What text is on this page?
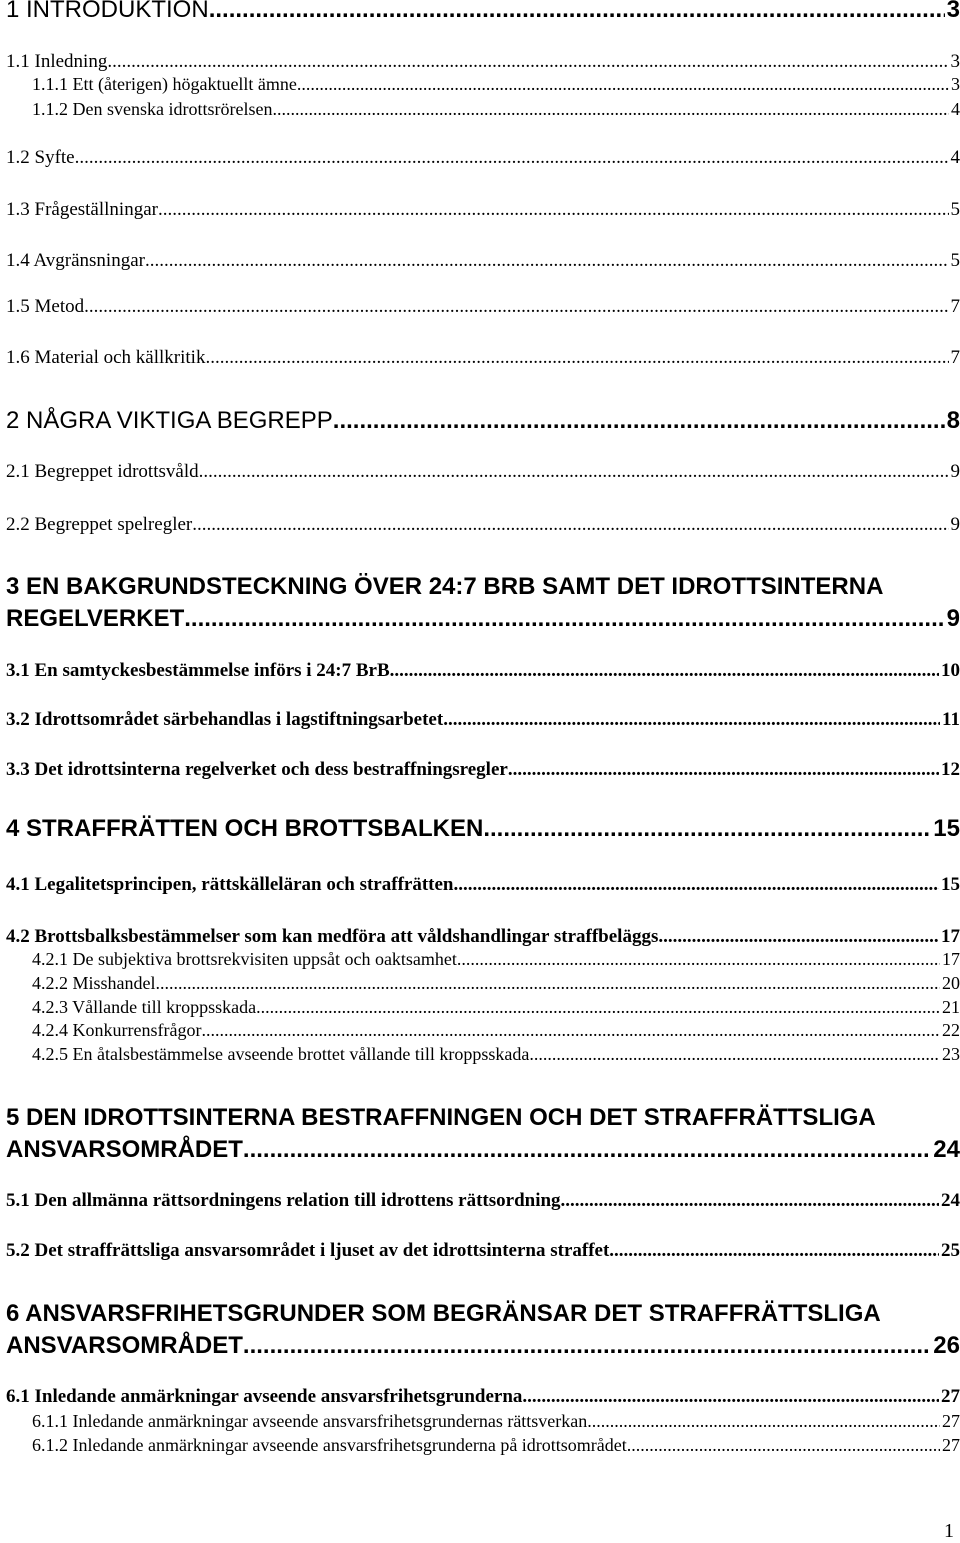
1 INTRODUKTION .....	3
1.1 Inledning .....	3
1.1.1 Ett (återigen) högaktuellt ämne .....	3
1.1.2 Den svenska idrottsrörelsen .....	4
1.2 Syfte .....	4
1.3 Frågeställningar .....	5
1.4 Avgränsningar .....	5
1.5 Metod .....	7
1.6 Material och källkritik .....	7
2 NÅGRA VIKTIGA BEGREPP .....	8
2.1 Begreppet idrottsvåld .....	9
2.2 Begreppet spelregler .....	9
3 EN BAKGRUNDSTECKNING ÖVER 24:7 BRB SAMT DET IDROTTSINTERNA
REGELVERKET .....	9
3.1 En samtyckesbestämmelse införs i 24:7 BrB .....	10
3.2 Idrottsområdet särbehandlas i lagstiftningsarbetet .....	11
3.3 Det idrottsinterna regelverket och dess bestraffningsregler .....	12
4 STRAFFRÄTTEN OCH BROTTSBALKEN .....	15
4.1 Legalitetsprincipen, rättskälleläran och straffrätten .....	15
4.2 Brottsbalksbestämmelser som kan medföra att våldshandlingar straffbeläggs .....	17
4.2.1 De subjektiva brottsrekvisiten uppsåt och oaktsamhet .....	17
4.2.2 Misshandel .....	20
4.2.3 Vållande till kroppsskada .....	21
4.2.4 Konkurrensfrågor .....	22
4.2.5 En åtalsbestämmelse avseende brottet vållande till kroppsskada .....	23
5 DEN IDROTTSINTERNA BESTRAFFNINGEN OCH DET STRAFFRÄTTSLIGA
ANSVARSOMRÅDET .....	24
5.1 Den allmänna rättsordningens relation till idrottens rättsordning .....	24
5.2 Det straffrättsliga ansvarsområdet i ljuset av det idrottsinterna straffet .....	25
6 ANSVARSFRIHETSGRUNDER SOM BEGRÄNSAR DET STRAFFRÄTTSLIGA
ANSVARSOMRÅDET .....	26
6.1 Inledande anmärkningar avseende ansvarsfrihetsgrunderna .....	27
6.1.1 Inledande anmärkningar avseende ansvarsfrihetsgrundernas rättsverkan .....	27
6.1.2 Inledande anmärkningar avseende ansvarsfrihetsgrunderna på idrottsområdet .....	27
1
